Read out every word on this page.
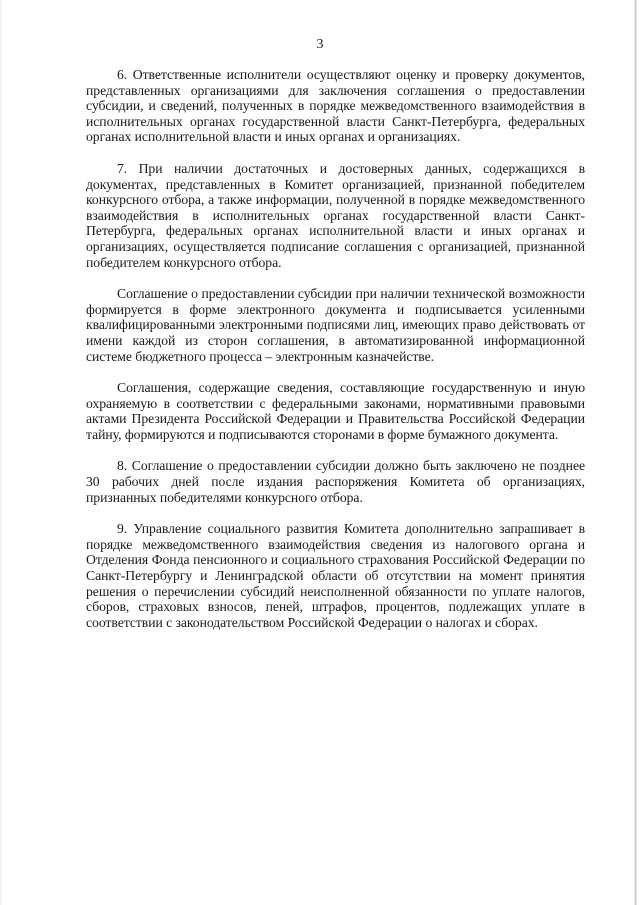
3

6. Ответственные исполнители осуществляют оценку и проверку документов, представленных организациями для заключения соглашения о предоставлении субсидии, и сведений, полученных в порядке межведомственного взаимодействия в исполнительных органах государственной власти Санкт-Петербурга, федеральных органах исполнительной власти и иных органах и организациях.

7. При наличии достаточных и достоверных данных, содержащихся в документах, представленных в Комитет организацией, признанной победителем конкурсного отбора, а также информации, полученной в порядке межведомственного взаимодействия в исполнительных органах государственной власти Санкт-Петербурга, федеральных органах исполнительной власти и иных органах и организациях, осуществляется подписание соглашения с организацией, признанной победителем конкурсного отбора.

Соглашение о предоставлении субсидии при наличии технической возможности формируется в форме электронного документа и подписывается усиленными квалифицированными электронными подписями лиц, имеющих право действовать от имени каждой из сторон соглашения, в автоматизированной информационной системе бюджетного процесса – электронным казначействе.

Соглашения, содержащие сведения, составляющие государственную и иную охраняемую в соответствии с федеральными законами, нормативными правовыми актами Президента Российской Федерации и Правительства Российской Федерации тайну, формируются и подписываются сторонами в форме бумажного документа.

8. Соглашение о предоставлении субсидии должно быть заключено не позднее 30 рабочих дней после издания распоряжения Комитета об организациях, признанных победителями конкурсного отбора.

9. Управление социального развития Комитета дополнительно запрашивает в порядке межведомственного взаимодействия сведения из налогового органа и Отделения Фонда пенсионного и социального страхования Российской Федерации по Санкт-Петербургу и Ленинградской области об отсутствии на момент принятия решения о перечислении субсидий неисполненной обязанности по уплате налогов, сборов, страховых взносов, пеней, штрафов, процентов, подлежащих уплате в соответствии с законодательством Российской Федерации о налогах и сборах.
